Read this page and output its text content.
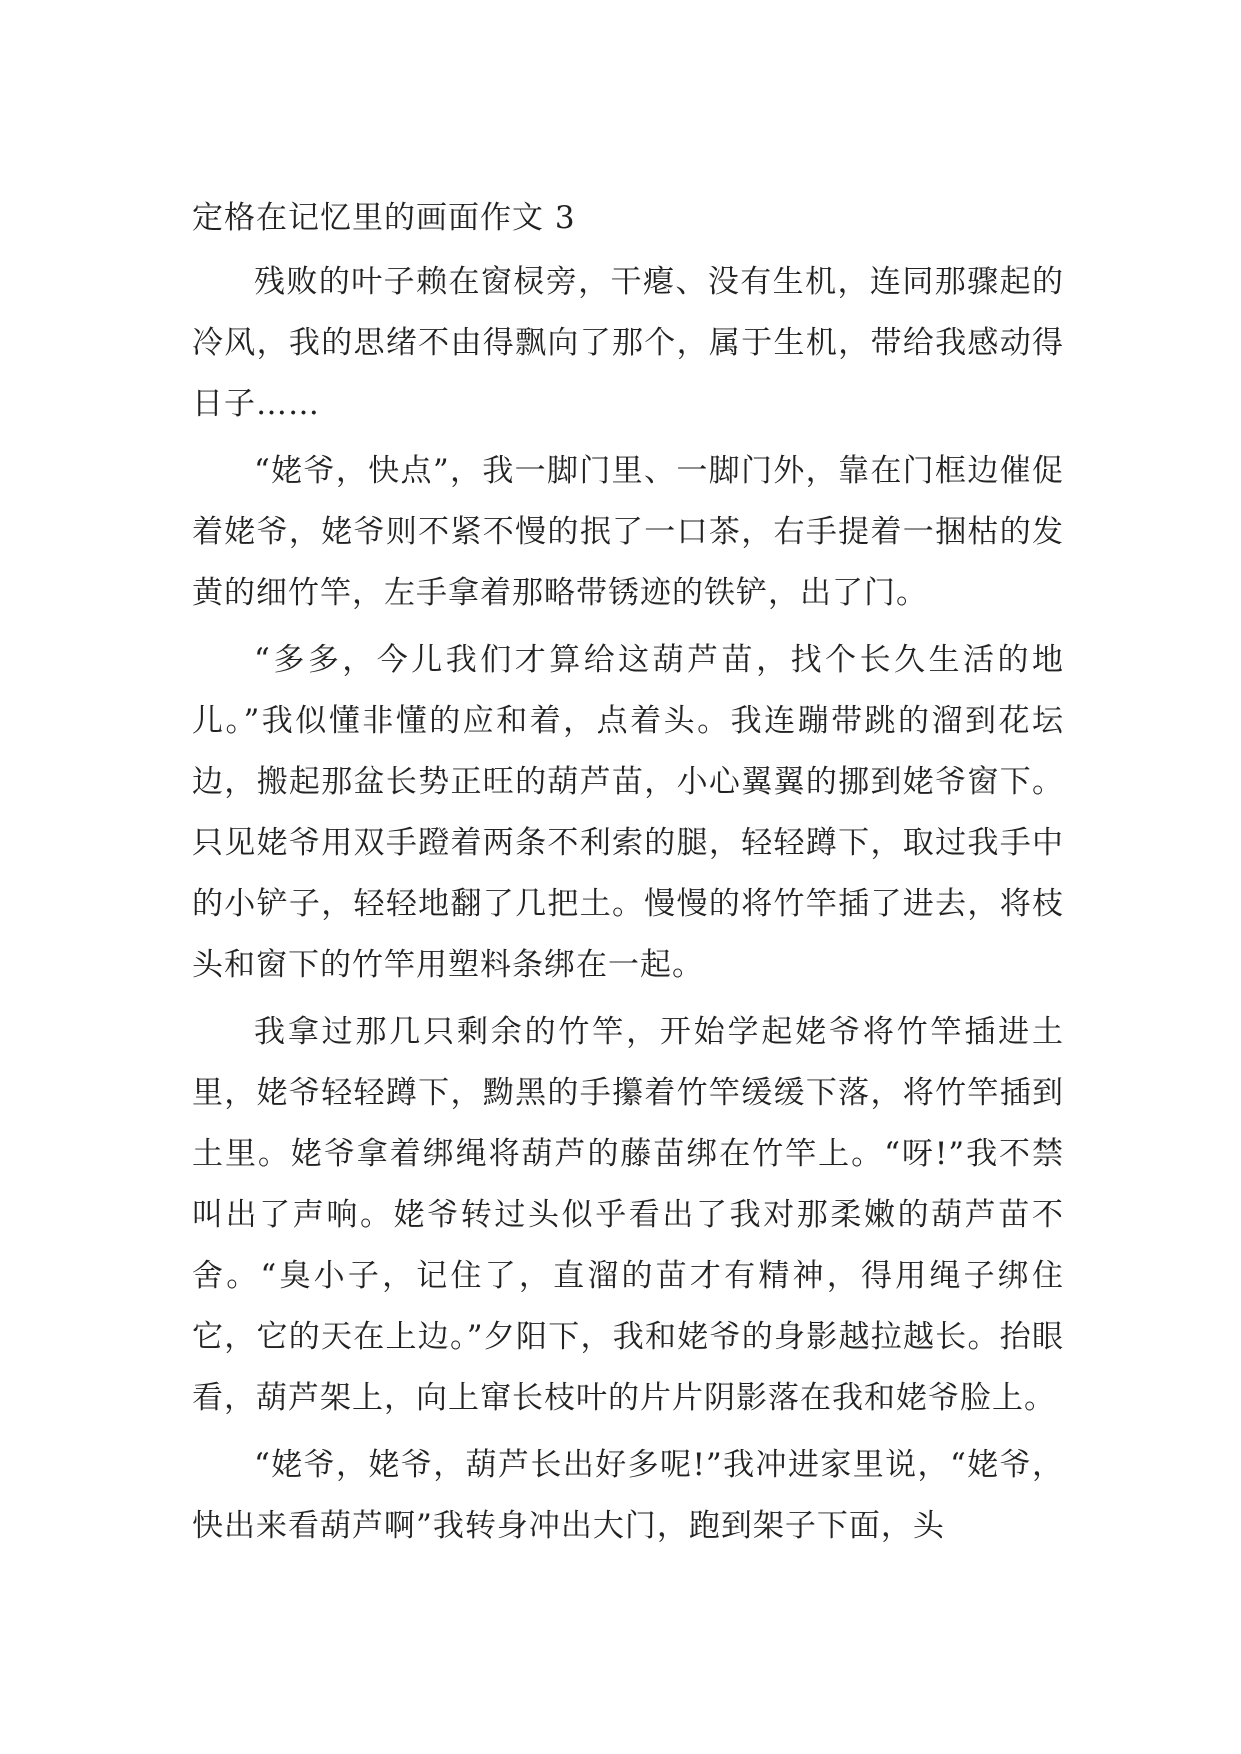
定格在记忆里的画面作文 3

残败的叶子赖在窗棂旁，干瘪、没有生机，连同那骤起的冷风，我的思绪不由得飘向了那个，属于生机，带给我感动得日子……

“姥爷，快点”，我一脚门里、一脚门外，靠在门框边催促着姥爷，姥爷则不紧不慢的抿了一口茶，右手提着一捆枯的发黄的细竹竿，左手拿着那略带锈迹的铁铲，出了门。

“多多，今儿我们才算给这葫芦苗，找个长久生活的地儿。”我似懂非懂的应和着，点着头。我连蹦带跳的溜到花坛边，搬起那盆长势正旺的葫芦苗，小心翼翼的挪到姥爷窗下。只见姥爷用双手蹬着两条不利索的腿，轻轻蹲下，取过我手中的小铲子，轻轻地翻了几把土。慢慢的将竹竿插了进去，将枝头和窗下的竹竿用塑料条绑在一起。

我拿过那几只剩余的竹竿，开始学起姥爷将竹竿插进土里，姥爷轻轻蹲下，黝黑的手攥着竹竿缓缓下落，将竹竿插到土里。姥爷拿着绑绳将葫芦的藤苗绑在竹竿上。“呀!”我不禁叫出了声响。姥爷转过头似乎看出了我对那柔嫩的葫芦苗不舍。“臭小子，记住了，直溜的苗才有精神，得用绳子绑住它，它的天在上边。”夕阳下，我和姥爷的身影越拉越长。抬眼看，葫芦架上，向上窜长枝叶的片片阴影落在我和姥爷脸上。

“姥爷，姥爷，葫芦长出好多呢!”我冲进家里说，“姥爷，快出来看葫芦啊”我转身冲出大门，跑到架子下面，头
